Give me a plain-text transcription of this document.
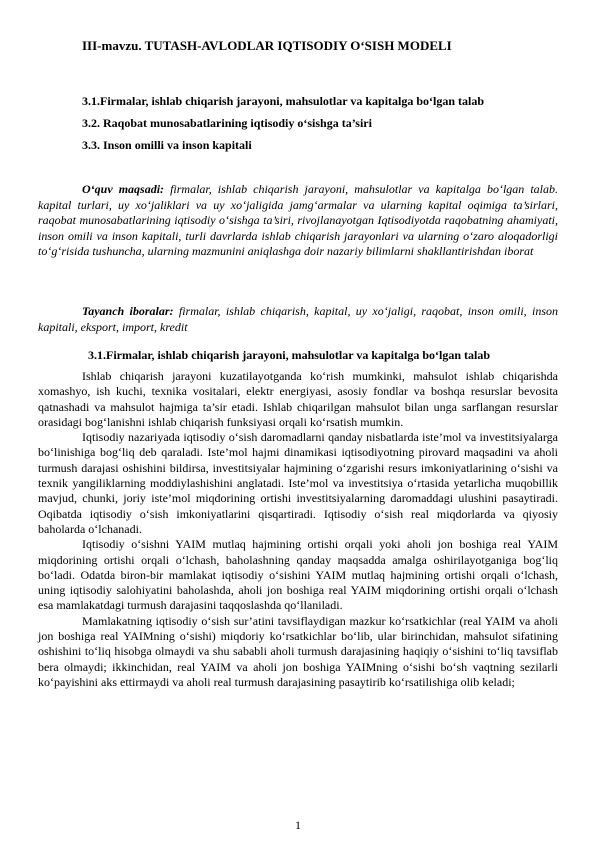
III-mavzu. TUTASH-AVLODLAR IQTISODIY O‘SISH MODELI
3.1.Firmalar, ishlab chiqarish jarayoni, mahsulotlar va kapitalga bo‘lgan talab
3.2. Raqobat munosabatlarining iqtisodiy o‘sishga ta’siri
3.3. Inson omilli va inson kapitali

O‘quv maqsadi: firmalar, ishlab chiqarish jarayoni, mahsulotlar va kapitalga bo‘lgan talab. kapital turlari, uy xo‘jaliklari va uy xo‘jaligida jamg‘armalar va ularning kapital oqimiga ta’sirlari, raqobat munosabatlarining iqtisodiy o‘sishga ta’siri, rivojlanayotgan Iqtisodiyotda raqobatning ahamiyati, inson omili va inson kapitali, turli davrlarda ishlab chiqarish jarayonlari va ularning o‘zaro aloqadorligi to‘g‘risida tushuncha, ularning mazmunini aniqlashga doir nazariy bilimlarni shakllantirishdan iborat

Tayanch iboralar: firmalar, ishlab chiqarish, kapital, uy xo‘jaligi, raqobat, inson omili, inson kapitali, eksport, import, kredit

3.1.Firmalar, ishlab chiqarish jarayoni, mahsulotlar va kapitalga bo‘lgan talab

Ishlab chiqarish jarayoni kuzatilayotganda ko‘rish mumkinki, mahsulot ishlab chiqarishda xomashyo, ish kuchi, texnika vositalari, elektr energiyasi, asosiy fondlar va boshqa resurslar bevosita qatnashadi va mahsulot hajmiga ta’sir etadi. Ishlab chiqarilgan mahsulot bilan unga sarflangan resurslar orasidagi bog‘lanishni ishlab chiqarish funksiyasi orqali ko‘rsatish mumkin.

Iqtisodiy nazariyada iqtisodiy o‘sish daromadlarni qanday nisbatlarda iste’mol va investitsiyalarga bo‘linishiga bog‘liq deb qaraladi. Iste’mol hajmi dinamikasi iqtisodiyotning pirovard maqsadini va aholi turmush darajasi oshishini bildirsa, investitsiyalar hajmining o‘zgarishi resurs imkoniyatlarining o‘sishi va texnik yangiliklarning moddiylashishini anglatadi. Iste’mol va investitsiya o‘rtasida yetarlicha muqobillik mavjud, chunki, joriy iste’mol miqdorining ortishi investitsiyalarning daromaddagi ulushini pasaytiradi. Oqibatda iqtisodiy o‘sish imkoniyatlarini qisqartiradi. Iqtisodiy o‘sish real miqdorlarda va qiyosiy baholarda o‘lchanadi.

Iqtisodiy o‘sishni YAIM mutlaq hajmining ortishi orqali yoki aholi jon boshiga real YAIM miqdorining ortishi orqali o‘lchash, baholashning qanday maqsadda amalga oshirilayotganiga bog‘liq bo‘ladi. Odatda biron-bir mamlakat iqtisodiy o‘sishini YAIM mutlaq hajmining ortishi orqali o‘lchash, uning iqtisodiy salohiyatini baholashda, aholi jon boshiga real YAIM miqdorining ortishi orqali o‘lchash esa mamlakatdagi turmush darajasini taqqoslashda qo‘llaniladi.

Mamlakatning iqtisodiy o‘sish sur’atini tavsiflaydigan mazkur ko‘rsatkichlar (real YAIM va aholi jon boshiga real YAIMning o‘sishi) miqdoriy ko‘rsatkichlar bo‘lib, ular birinchidan, mahsulot sifatining oshishini to‘liq hisobga olmaydi va shu sababli aholi turmush darajasining haqiqiy o‘sishini to‘liq tavsiflab bera olmaydi; ikkinchidan, real YAIM va aholi jon boshiga YAIMning o‘sishi bo‘sh vaqtning sezilarli ko‘payishini aks ettirmaydi va aholi real turmush darajasining pasaytirib ko‘rsatilishiga olib keladi;

1
